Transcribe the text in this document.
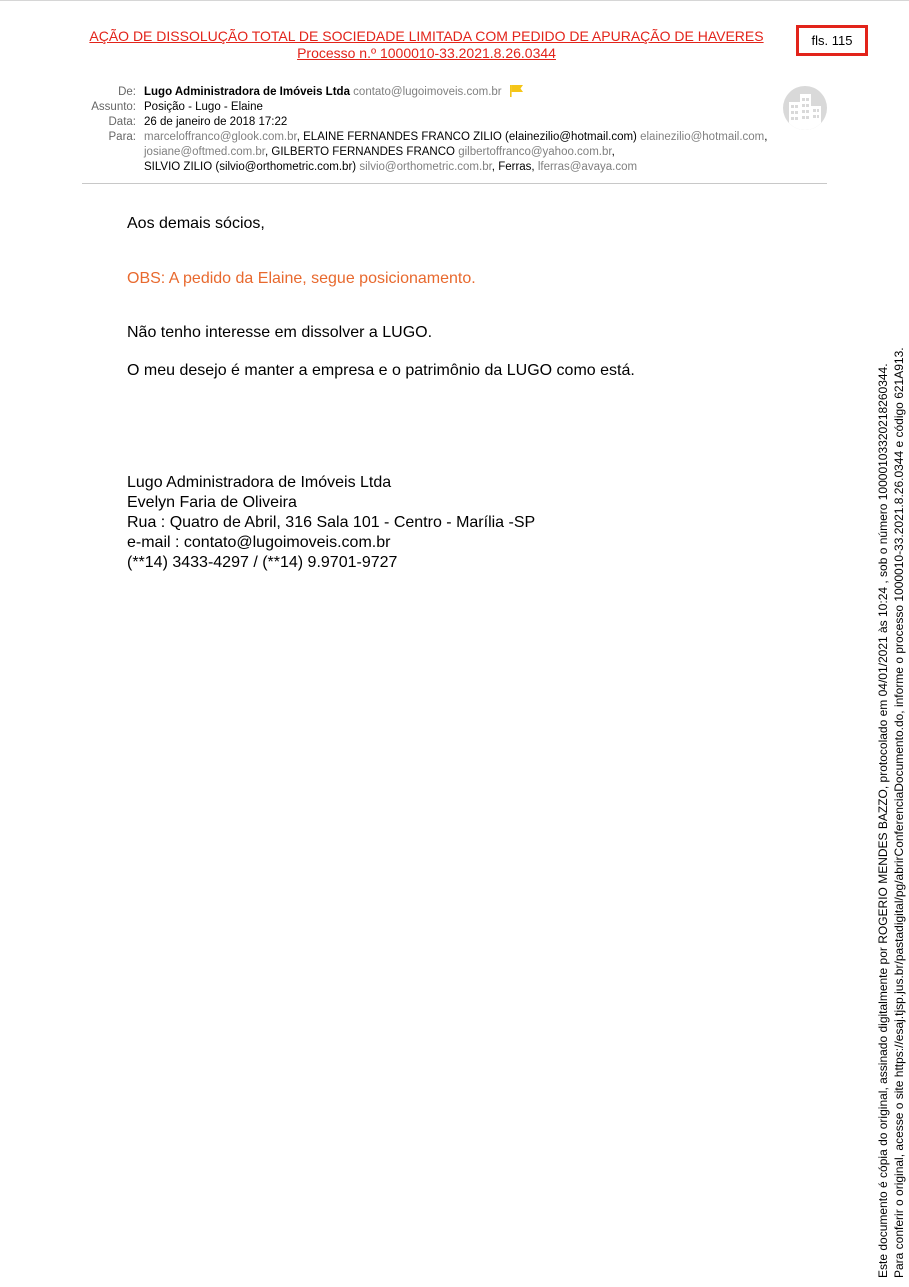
AÇÃO DE DISSOLUÇÃO TOTAL DE SOCIEDADE LIMITADA COM PEDIDO DE APURAÇÃO DE HAVERES
Processo n.º 1000010-33.2021.8.26.0344
fls. 115
De: Lugo Administradora de Imóveis Ltda contato@lugoimoveis.com.br
Assunto: Posição - Lugo - Elaine
Data: 26 de janeiro de 2018 17:22
Para: marceloffranco@glook.com.br, ELAINE FERNANDES FRANCO ZILIO (elainezilio@hotmail.com) elainezilio@hotmail.com, josiane@oftmed.com.br, GILBERTO FERNANDES FRANCO gilbertoffranco@yahoo.com.br,
SILVIO ZILIO (silvio@orthometric.com.br) silvio@orthometric.com.br, Ferras, lferras@avaya.com
Aos demais sócios,
OBS: A pedido da Elaine, segue posicionamento.
Não tenho interesse em dissolver a LUGO.
O meu desejo é manter a empresa e o patrimônio da LUGO como está.
Lugo Administradora de Imóveis Ltda
Evelyn Faria de Oliveira
Rua : Quatro de Abril, 316 Sala 101 - Centro - Marília -SP
e-mail : contato@lugoimoveis.com.br
(**14) 3433-4297 / (**14) 9.9701-9727	Este documento é cópia do original, assinado digitalmente por ROGERIO MENDES BAZZO, protocolado em 04/01/2021 às 10:24 , sob o número 10000103320218260344. Para conferir o original, acesse o site https://esaj.tjsp.jus.br/pastadigital/pg/abrirConferenciaDocumento.do, informe o processo 1000010-33.2021.8.26.0344 e código 621A913.
